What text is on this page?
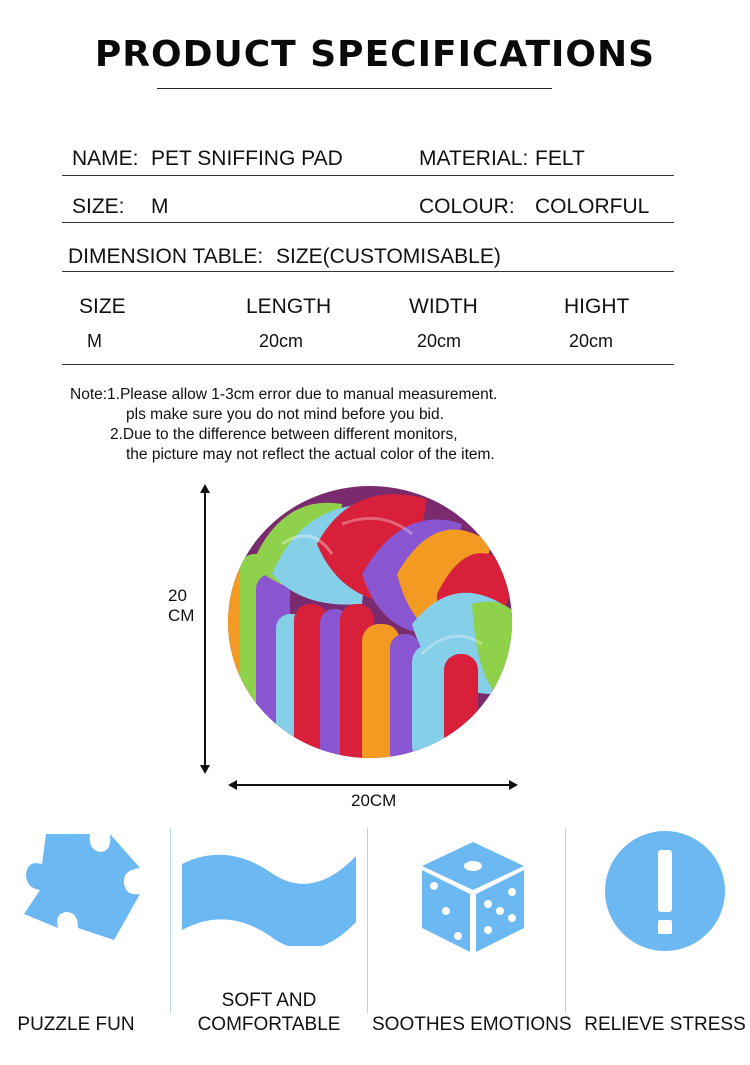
PRODUCT SPECIFICATIONS
NAME: PET SNIFFING PAD	MATERIAL: FELT
SIZE: M	COLOUR: COLORFUL
DIMENSION TABLE: SIZE(CUSTOMISABLE)
SIZE	LENGTH	WIDTH	HIGHT
M	20cm	20cm	20cm
Note:1.Please allow 1-3cm error due to manual measurement.
pls make sure you do not mind before you bid.
2.Due to the difference between different monitors,
the picture may not reflect the actual color of the item.
20
CM
20CM
PUZZLE FUN
SOFT AND
COMFORTABLE	SOOTHES EMOTIONS RELIEVE STRESS
